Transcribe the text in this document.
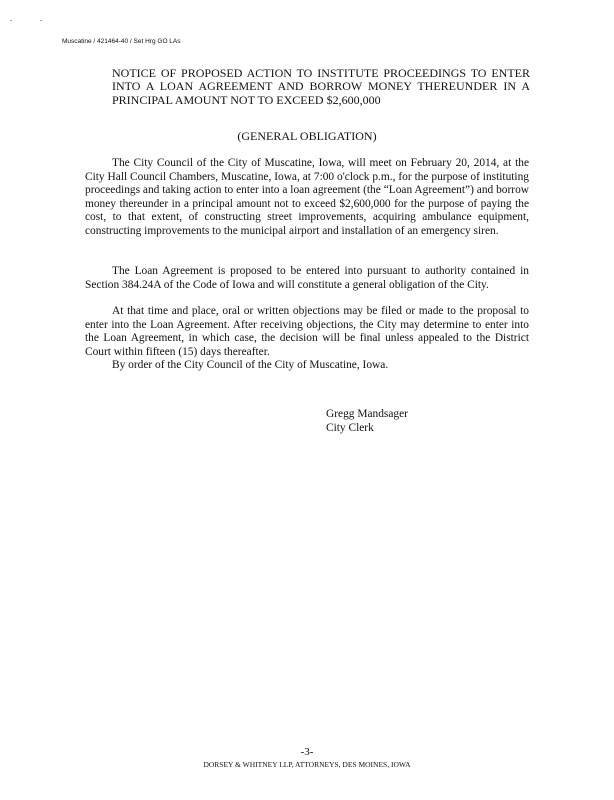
..
Muscatine / 421464-40 / Set Hrg GO LAs
NOTICE OF PROPOSED ACTION TO INSTITUTE PROCEEDINGS TO ENTER INTO A LOAN AGREEMENT AND BORROW MONEY THEREUNDER IN A PRINCIPAL AMOUNT NOT TO EXCEED $2,600,000
(GENERAL OBLIGATION)
The City Council of the City of Muscatine, Iowa, will meet on February 20, 2014, at the City Hall Council Chambers, Muscatine, Iowa, at 7:00 o'clock p.m., for the purpose of instituting proceedings and taking action to enter into a loan agreement (the “Loan Agreement”) and borrow money thereunder in a principal amount not to exceed $2,600,000 for the purpose of paying the cost, to that extent, of constructing street improvements, acquiring ambulance equipment, constructing improvements to the municipal airport and installation of an emergency siren.
The Loan Agreement is proposed to be entered into pursuant to authority contained in Section 384.24A of the Code of Iowa and will constitute a general obligation of the City.
At that time and place, oral or written objections may be filed or made to the proposal to enter into the Loan Agreement. After receiving objections, the City may determine to enter into the Loan Agreement, in which case, the decision will be final unless appealed to the District Court within fifteen (15) days thereafter.
By order of the City Council of the City of Muscatine, Iowa.
Gregg Mandsager
City Clerk
-3-
DORSEY & WHITNEY LLP, ATTORNEYS, DES MOINES, IOWA
